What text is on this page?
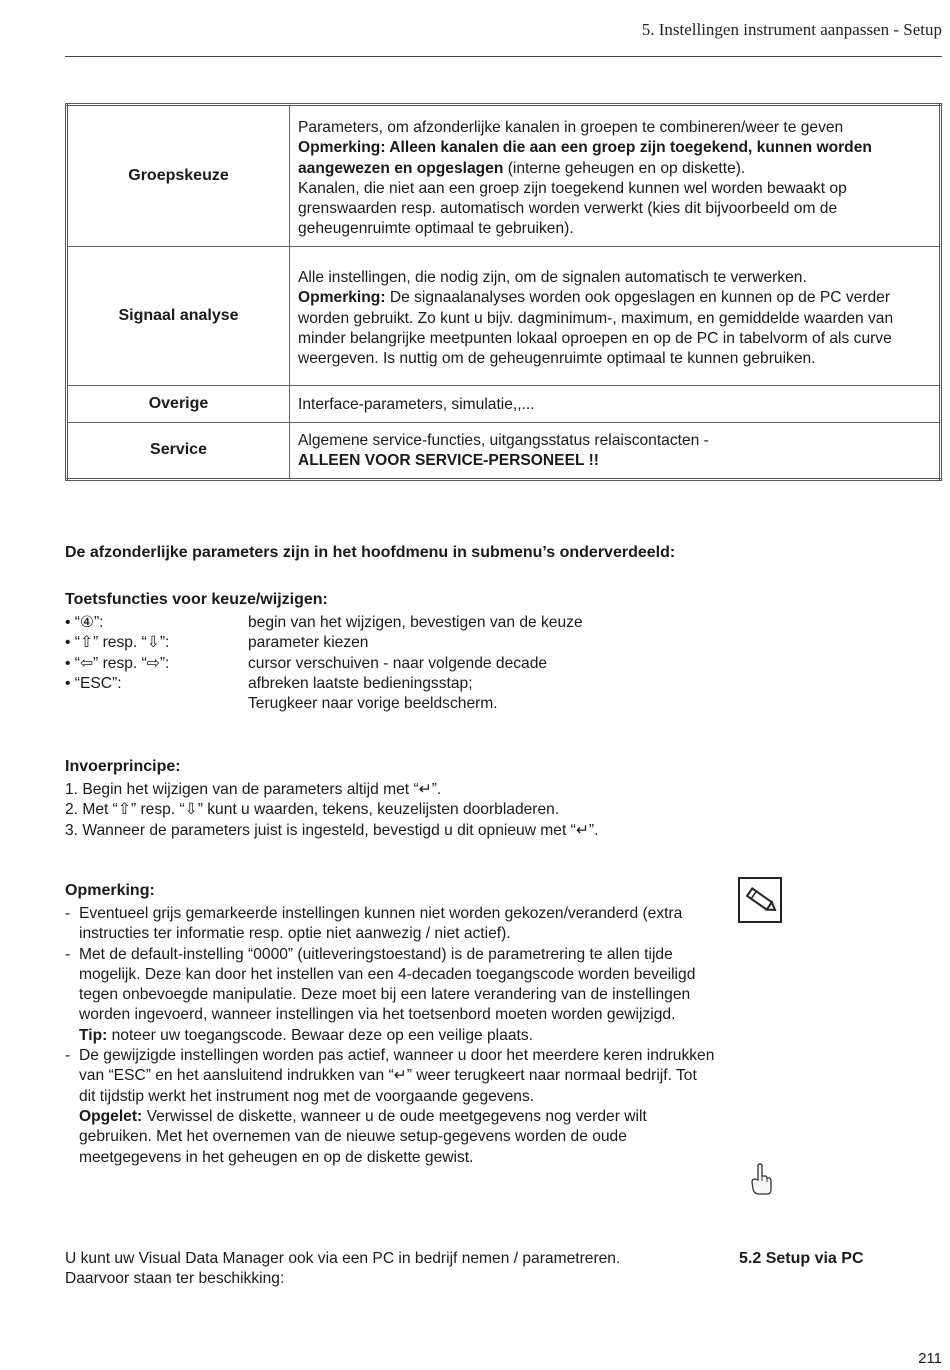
5. Instellingen instrument aanpassen - Setup
Groepskeuze	Parameters, om afzonderlijke kanalen in groepen te combineren/weer te geven
Opmerking: Alleen kanalen die aan een groep zijn toegekend, kunnen worden aangewezen en opgeslagen (interne geheugen en op diskette).
Kanalen, die niet aan een groep zijn toegekend kunnen wel worden bewaakt op grenswaarden resp. automatisch worden verwerkt (kies dit bijvoorbeeld om de geheugenruimte optimaal te gebruiken).
Signaal analyse	Alle instellingen, die nodig zijn, om de signalen automatisch te verwerken.
Opmerking: De signaalanalyses worden ook opgeslagen en kunnen op de PC verder worden gebruikt. Zo kunt u bijv. dagminimum-, maximum, en gemiddelde waarden van minder belangrijke meetpunten lokaal oproepen en op de PC in tabelvorm of als curve weergeven. Is nuttig om de geheugenruimte optimaal te kunnen gebruiken.
Overige	Interface-parameters, simulatie,,...
Service	Algemene service-functies, uitgangsstatus relaiscontacten -
ALLEEN VOOR SERVICE-PERSONEEL !!
De afzonderlijke parameters zijn in het hoofdmenu in submenu’s onderverdeeld:
Toetsfuncties voor keuze/wijzigen:
• “④”:	begin van het wijzigen, bevestigen van de keuze
• “⇧” resp. “⇩”:	parameter kiezen
• “⇦” resp. “⇨”:	cursor verschuiven - naar volgende decade
• “ESC”:	afbreken laatste bedieningsstap;
Terugkeer naar vorige beeldscherm.
Invoerprincipe:
1. Begin het wijzigen van de parameters altijd met “↵”.
2. Met “⇧” resp. “⇩” kunt u waarden, tekens, keuzelijsten doorbladeren.
3. Wanneer de parameters juist is ingesteld, bevestigd u dit opnieuw met “↵”.
Opmerking:
- Eventueel grijs gemarkeerde instellingen kunnen niet worden gekozen/veranderd (extra instructies ter informatie resp. optie niet aanwezig / niet actief).
- Met de default-instelling “0000” (uitleveringstoestand) is de parametrering te allen tijde mogelijk. Deze kan door het instellen van een 4-decaden toegangscode worden beveiligd tegen onbevoegde manipulatie. Deze moet bij een latere verandering van de instellingen worden ingevoerd, wanneer instellingen via het toetsenbord moeten worden gewijzigd.
Tip: noteer uw toegangscode. Bewaar deze op een veilige plaats.
- De gewijzigde instellingen worden pas actief, wanneer u door het meerdere keren indrukken van “ESC” en het aansluitend indrukken van “↵” weer terugkeert naar normaal bedrijf. Tot dit tijdstip werkt het instrument nog met de voorgaande gegevens.
Opgelet: Verwissel de diskette, wanneer u de oude meetgegevens nog verder wilt gebruiken. Met het overnemen van de nieuwe setup-gegevens worden de oude meetgegevens in het geheugen en op de diskette gewist.
U kunt uw Visual Data Manager ook via een PC in bedrijf nemen / parametreren.
Daarvoor staan ter beschikking:
5.2 Setup via PC
211
